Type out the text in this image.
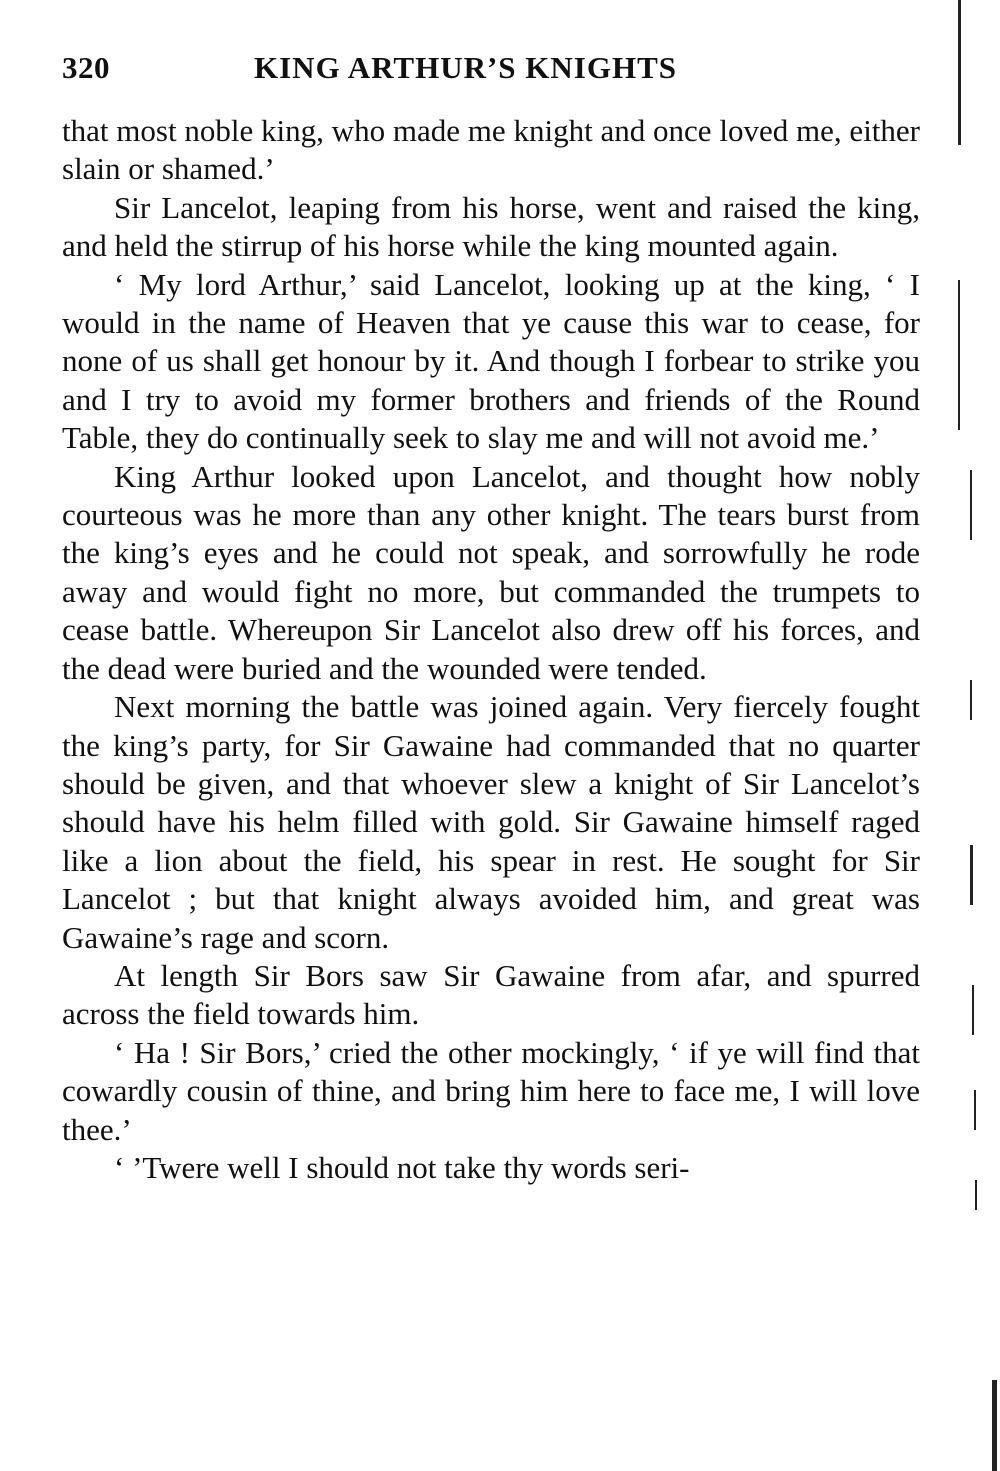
320	KING ARTHUR’S KNIGHTS

that most noble king, who made me knight and once loved me, either slain or shamed.’

Sir Lancelot, leaping from his horse, went and raised the king, and held the stirrup of his horse while the king mounted again.

‘ My lord Arthur,’ said Lancelot, looking up at the king, ‘ I would in the name of Heaven that ye cause this war to cease, for none of us shall get honour by it. And though I forbear to strike you and I try to avoid my former brothers and friends of the Round Table, they do continually seek to slay me and will not avoid me.’

King Arthur looked upon Lancelot, and thought how nobly courteous was he more than any other knight. The tears burst from the king’s eyes and he could not speak, and sorrowfully he rode away and would fight no more, but commanded the trumpets to cease battle. Whereupon Sir Lancelot also drew off his forces, and the dead were buried and the wounded were tended.

Next morning the battle was joined again. Very fiercely fought the king’s party, for Sir Gawaine had commanded that no quarter should be given, and that whoever slew a knight of Sir Lancelot’s should have his helm filled with gold. Sir Gawaine himself raged like a lion about the field, his spear in rest. He sought for Sir Lancelot ; but that knight always avoided him, and great was Gawaine’s rage and scorn.

At length Sir Bors saw Sir Gawaine from afar, and spurred across the field towards him.

‘ Ha ! Sir Bors,’ cried the other mockingly, ‘ if ye will find that cowardly cousin of thine, and bring him here to face me, I will love thee.’

‘ ’Twere well I should not take thy words seri-
